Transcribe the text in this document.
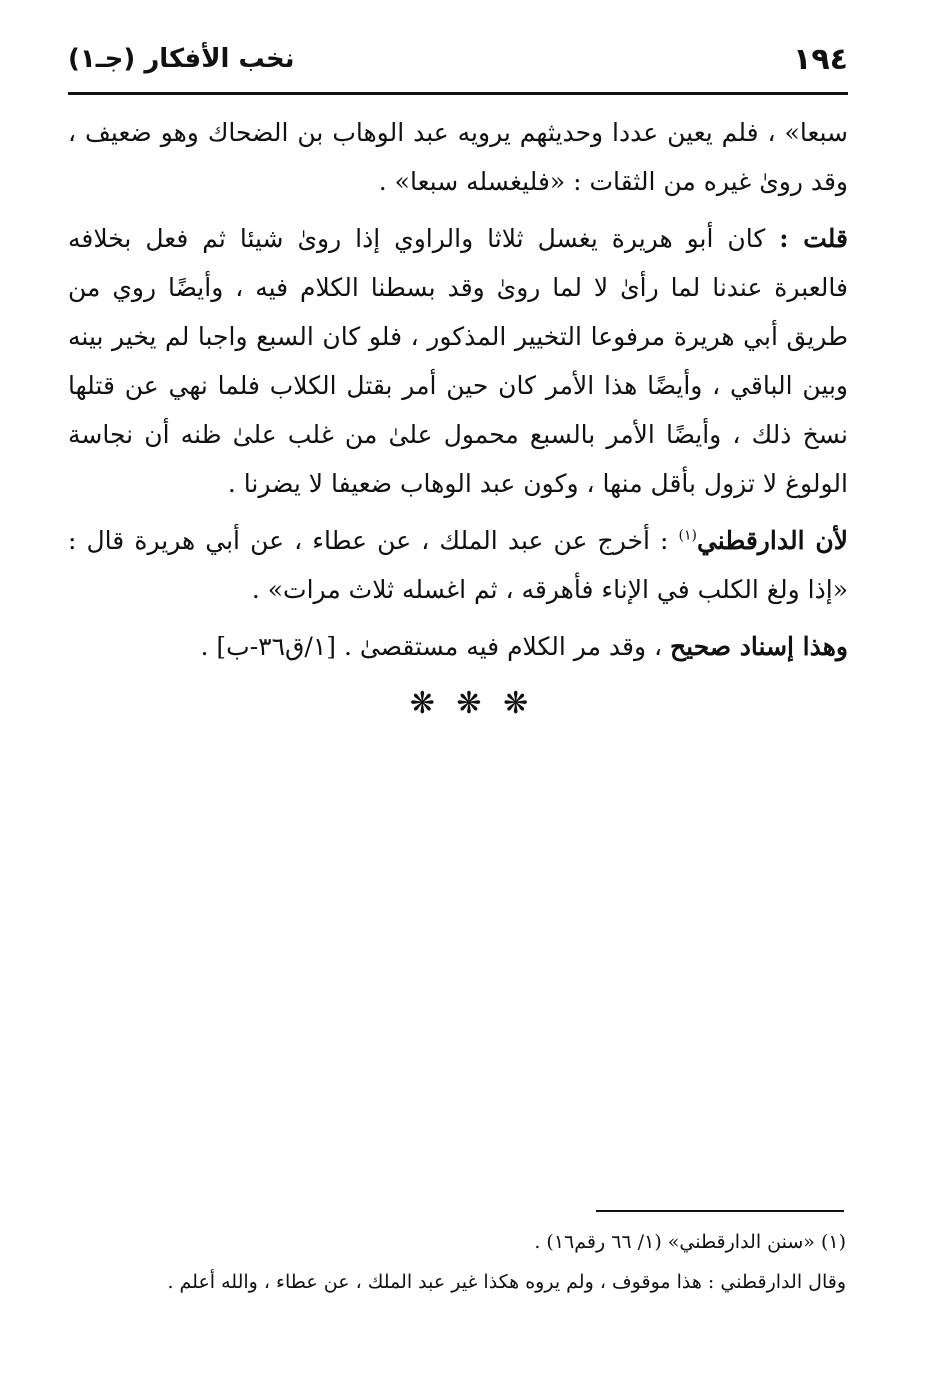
١٩٤
نخب الأفكار (جـ١)

سبعا» ، فلم يعين عددا وحديثهم يرويه عبد الوهاب بن الضحاك وهو ضعيف ، وقد روىٰ غيره من الثقات : «فليغسله سبعا» .

قلت : كان أبو هريرة يغسل ثلاثا والراوي إذا روىٰ شيئا ثم فعل بخلافه فالعبرة عندنا لما رأىٰ لا لما روىٰ وقد بسطنا الكلام فيه ، وأيضًا روي من طريق أبي هريرة مرفوعا التخيير المذكور ، فلو كان السبع واجبا لم يخير بينه وبين الباقي ، وأيضًا هذا الأمر كان حين أمر بقتل الكلاب فلما نهي عن قتلها نسخ ذلك ، وأيضًا الأمر بالسبع محمول علىٰ من غلب علىٰ ظنه أن نجاسة الولوغ لا تزول بأقل منها ، وكون عبد الوهاب ضعيفا لا يضرنا .

لأن الدارقطني$^{(١)}$ : أخرج عن عبد الملك ، عن عطاء ، عن أبي هريرة قال : «إذا ولغ الكلب في الإناء فأهرقه ، ثم اغسله ثلاث مرات» .

وهذا إسناد صحيح ، وقد مر الكلام فيه مستقصىٰ . [١/ق٣٦-ب] .

❋ ❋ ❋

(١) «سنن الدارقطني» (١/ ٦٦ رقم١٦) .

وقال الدارقطني : هذا موقوف ، ولم يروه هكذا غير عبد الملك ، عن عطاء ، والله أعلم .
